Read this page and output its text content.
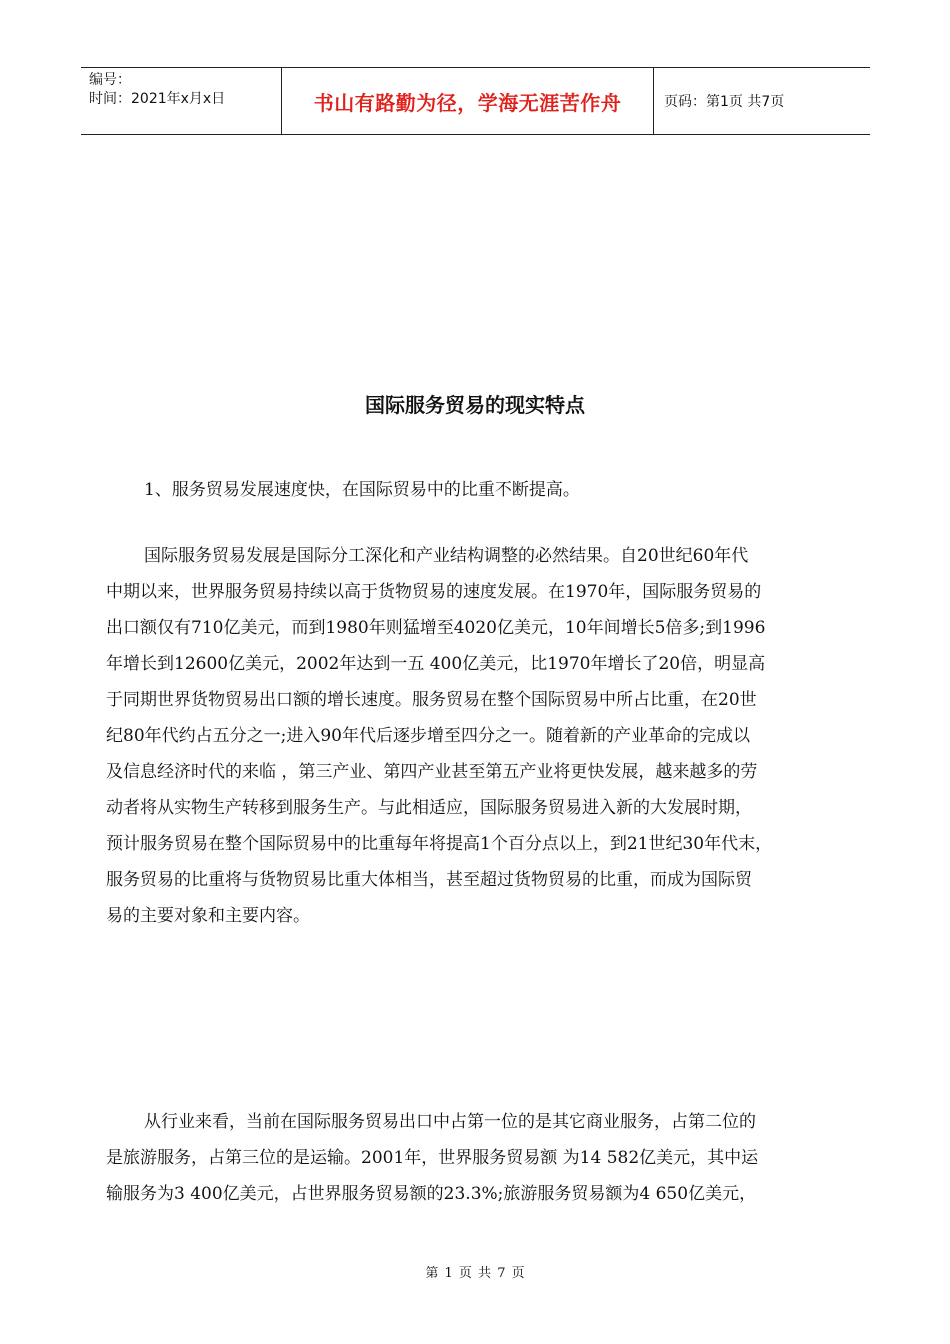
编号：
时间：2021年x月x日	书山有路勤为径，学海无涯苦作舟	页码：第1页 共7页
国际服务贸易的现实特点
1、服务贸易发展速度快，在国际贸易中的比重不断提高。
国际服务贸易发展是国际分工深化和产业结构调整的必然结果。自20世纪60年代
中期以来，世界服务贸易持续以高于货物贸易的速度发展。在1970年，国际服务贸易的
出口额仅有710亿美元，而到1980年则猛增至4020亿美元，10年间增长5倍多;到1996
年增长到12600亿美元，2002年达到一五 400亿美元，比1970年增长了20倍，明显高
于同期世界货物贸易出口额的增长速度。服务贸易在整个国际贸易中所占比重，在20世
纪80年代约占五分之一;进入90年代后逐步增至四分之一。随着新的产业革命的完成以
及信息经济时代的来临 ，第三产业、第四产业甚至第五产业将更快发展，越来越多的劳
动者将从实物生产转移到服务生产。与此相适应，国际服务贸易进入新的大发展时期，
预计服务贸易在整个国际贸易中的比重每年将提高1个百分点以上，到21世纪30年代末，
服务贸易的比重将与货物贸易比重大体相当，甚至超过货物贸易的比重，而成为国际贸
易的主要对象和主要内容。
从行业来看，当前在国际服务贸易出口中占第一位的是其它商业服务，占第二位的
是旅游服务，占第三位的是运输。2001年，世界服务贸易额 为14 582亿美元，其中运
输服务为3 400亿美元，占世界服务贸易额的23.3%;旅游服务贸易额为4 650亿美元，
第 1 页 共 7 页
